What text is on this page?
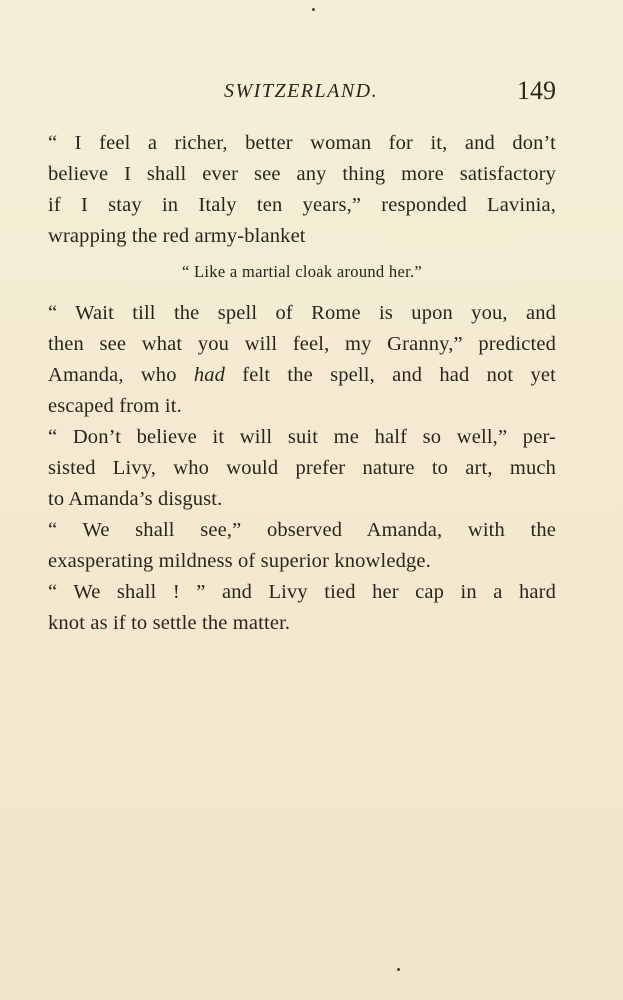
SWITZERLAND.	149

“ I feel a richer, better woman for it, and don’t
believe I shall ever see any thing more satisfactory
if I stay in Italy ten years,” responded Lavinia,
wrapping the red army-blanket

“ Like a martial cloak around her.”

“ Wait till the spell of Rome is upon you, and
then see what you will feel, my Granny,” predicted
Amanda, who had felt the spell, and had not yet
escaped from it.

“ Don’t believe it will suit me half so well,” per-
sisted Livy, who would prefer nature to art, much
to Amanda’s disgust.

“ We shall see,” observed Amanda, with the
exasperating mildness of superior knowledge.

“ We shall ! ” and Livy tied her cap in a hard
knot as if to settle the matter.
